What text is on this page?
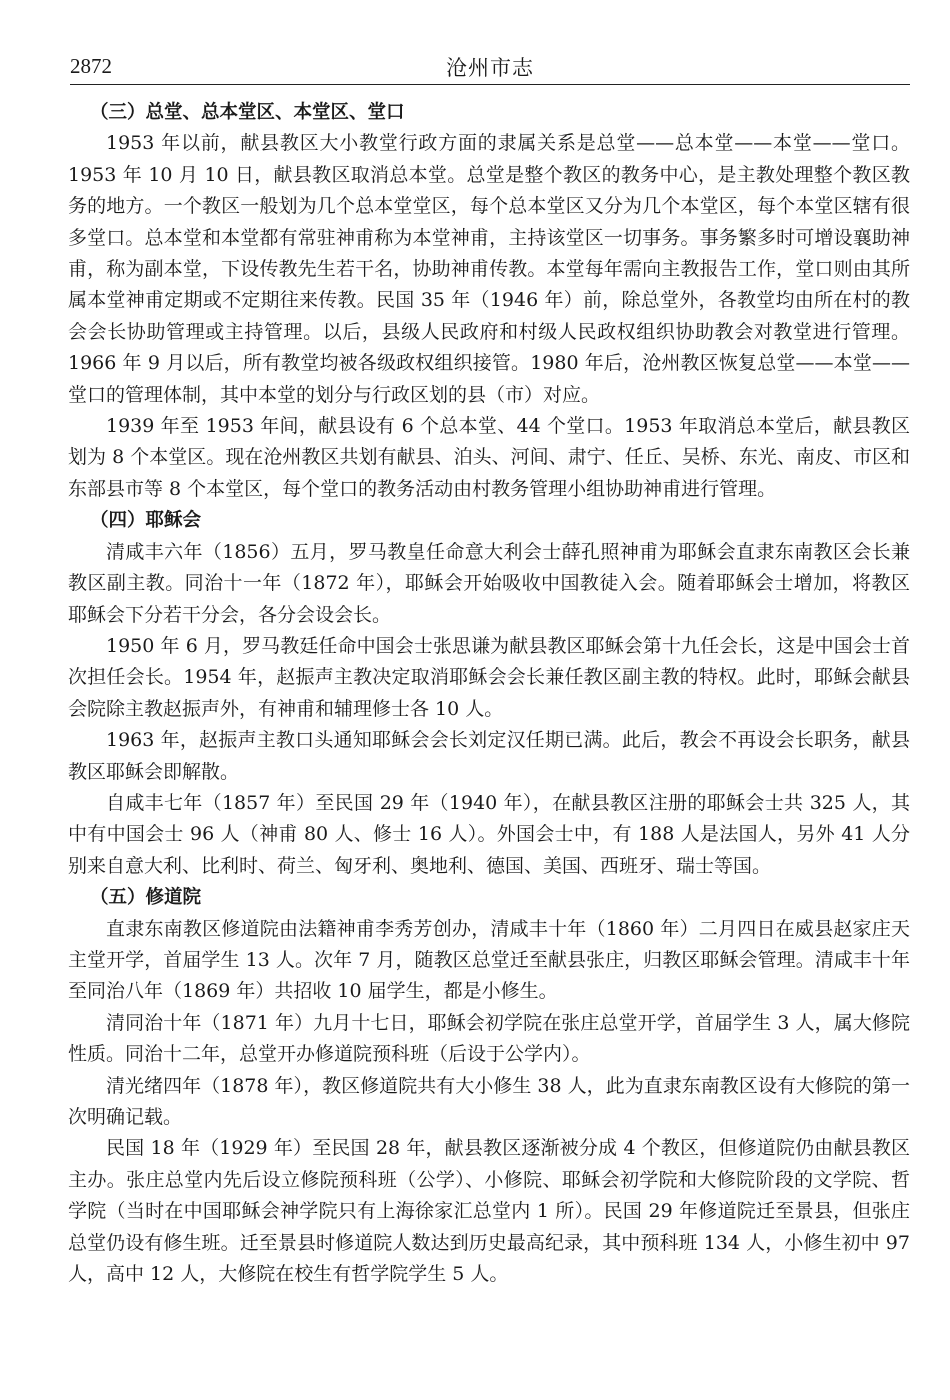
2872	沧州市志

（三）总堂、总本堂区、本堂区、堂口

1953 年以前，献县教区大小教堂行政方面的隶属关系是总堂——总本堂——本堂——堂口。1953 年 10 月 10 日，献县教区取消总本堂。总堂是整个教区的教务中心，是主教处理整个教区教务的地方。一个教区一般划为几个总本堂堂区，每个总本堂区又分为几个本堂区，每个本堂区辖有很多堂口。总本堂和本堂都有常驻神甫称为本堂神甫，主持该堂区一切事务。事务繁多时可增设襄助神甫，称为副本堂，下设传教先生若干名，协助神甫传教。本堂每年需向主教报告工作，堂口则由其所属本堂神甫定期或不定期往来传教。民国 35 年（1946 年）前，除总堂外，各教堂均由所在村的教会会长协助管理或主持管理。以后，县级人民政府和村级人民政权组织协助教会对教堂进行管理。1966 年 9 月以后，所有教堂均被各级政权组织接管。1980 年后，沧州教区恢复总堂——本堂——堂口的管理体制，其中本堂的划分与行政区划的县（市）对应。

1939 年至 1953 年间，献县设有 6 个总本堂、44 个堂口。1953 年取消总本堂后，献县教区划为 8 个本堂区。现在沧州教区共划有献县、泊头、河间、肃宁、任丘、吴桥、东光、南皮、市区和东部县市等 8 个本堂区，每个堂口的教务活动由村教务管理小组协助神甫进行管理。

（四）耶稣会

清咸丰六年（1856）五月，罗马教皇任命意大利会士薛孔照神甫为耶稣会直隶东南教区会长兼教区副主教。同治十一年（1872 年），耶稣会开始吸收中国教徒入会。随着耶稣会士增加，将教区耶稣会下分若干分会，各分会设会长。

1950 年 6 月，罗马教廷任命中国会士张思谦为献县教区耶稣会第十九任会长，这是中国会士首次担任会长。1954 年，赵振声主教决定取消耶稣会会长兼任教区副主教的特权。此时，耶稣会献县会院除主教赵振声外，有神甫和辅理修士各 10 人。

1963 年，赵振声主教口头通知耶稣会会长刘定汉任期已满。此后，教会不再设会长职务，献县教区耶稣会即解散。

自咸丰七年（1857 年）至民国 29 年（1940 年），在献县教区注册的耶稣会士共 325 人，其中有中国会士 96 人（神甫 80 人、修士 16 人）。外国会士中，有 188 人是法国人，另外 41 人分别来自意大利、比利时、荷兰、匈牙利、奥地利、德国、美国、西班牙、瑞士等国。

（五）修道院

直隶东南教区修道院由法籍神甫李秀芳创办，清咸丰十年（1860 年）二月四日在威县赵家庄天主堂开学，首届学生 13 人。次年 7 月，随教区总堂迁至献县张庄，归教区耶稣会管理。清咸丰十年至同治八年（1869 年）共招收 10 届学生，都是小修生。

清同治十年（1871 年）九月十七日，耶稣会初学院在张庄总堂开学，首届学生 3 人，属大修院性质。同治十二年，总堂开办修道院预科班（后设于公学内）。

清光绪四年（1878 年），教区修道院共有大小修生 38 人，此为直隶东南教区设有大修院的第一次明确记载。

民国 18 年（1929 年）至民国 28 年，献县教区逐渐被分成 4 个教区，但修道院仍由献县教区主办。张庄总堂内先后设立修院预科班（公学）、小修院、耶稣会初学院和大修院阶段的文学院、哲学院（当时在中国耶稣会神学院只有上海徐家汇总堂内 1 所）。民国 29 年修道院迁至景县，但张庄总堂仍设有修生班。迁至景县时修道院人数达到历史最高纪录，其中预科班 134 人，小修生初中 97 人，高中 12 人，大修院在校生有哲学院学生 5 人。
